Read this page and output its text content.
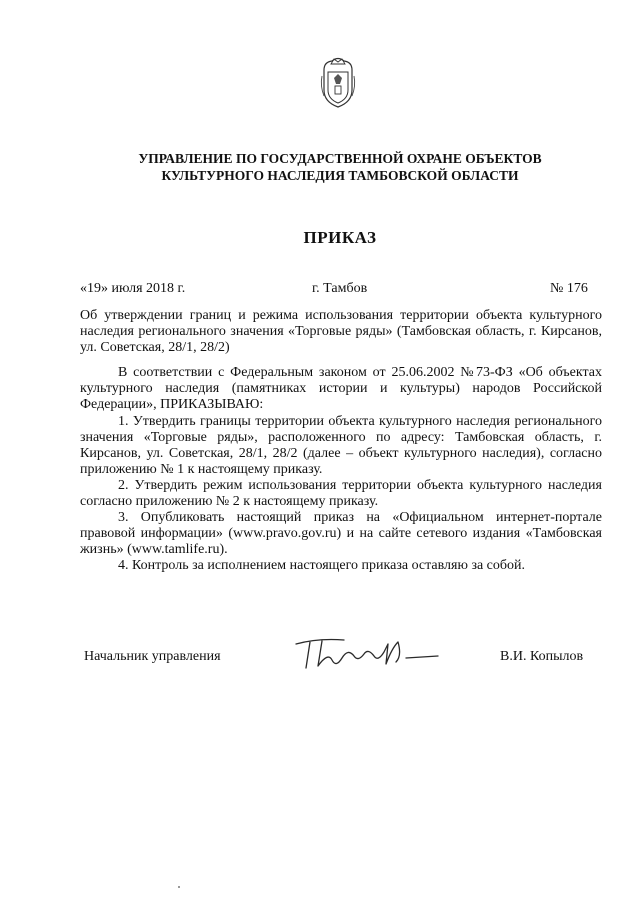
УПРАВЛЕНИЕ ПО ГОСУДАРСТВЕННОЙ ОХРАНЕ ОБЪЕКТОВ
КУЛЬТУРНОГО НАСЛЕДИЯ ТАМБОВСКОЙ ОБЛАСТИ
ПРИКАЗ
«19» июля 2018 г.	г. Тамбов	№ 176
Об утверждении границ и режима использования территории объекта культурного наследия регионального значения «Торговые ряды» (Тамбовская область, г. Кирсанов, ул. Советская, 28/1, 28/2)

В соответствии с Федеральным законом от 25.06.2002 №73-ФЗ «Об объектах культурного наследия (памятниках истории и культуры) народов Российской Федерации», ПРИКАЗЫВАЮ:

1. Утвердить границы территории объекта культурного наследия регионального значения «Торговые ряды», расположенного по адресу: Тамбовская область, г. Кирсанов, ул. Советская, 28/1, 28/2 (далее – объект культурного наследия), согласно приложению № 1 к настоящему приказу.

2. Утвердить режим использования территории объекта культурного наследия согласно приложению № 2 к настоящему приказу.

3. Опубликовать настоящий приказ на «Официальном интернет-портале правовой информации» (www.pravo.gov.ru) и на сайте сетевого издания «Тамбовская жизнь» (www.tamlife.ru).

4. Контроль за исполнением настоящего приказа оставляю за собой.

Начальник управления	В.И. Копылов
